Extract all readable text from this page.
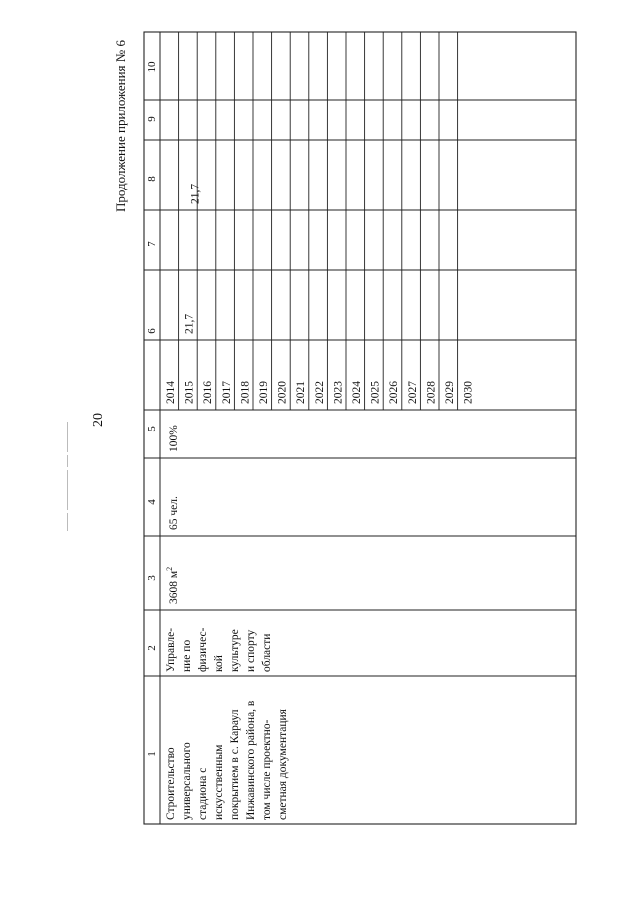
20
Продолжение приложения № 6
1
2
3
4
5
6
7
8
9
10
Строительство универсального стадиона с искусственным покрытием в с. Караул Инжавинского района, в том числе проектно- сметная документация
Управле- ние по физичес- кой культуре и спорту области
3608 $м^2$
65 чел.
100%
2014 2015 2016 2017 2018 2019 2020 2021 2022 2023 2024 2025 2026 2027 2028 2029 2030
21,7
21,7
